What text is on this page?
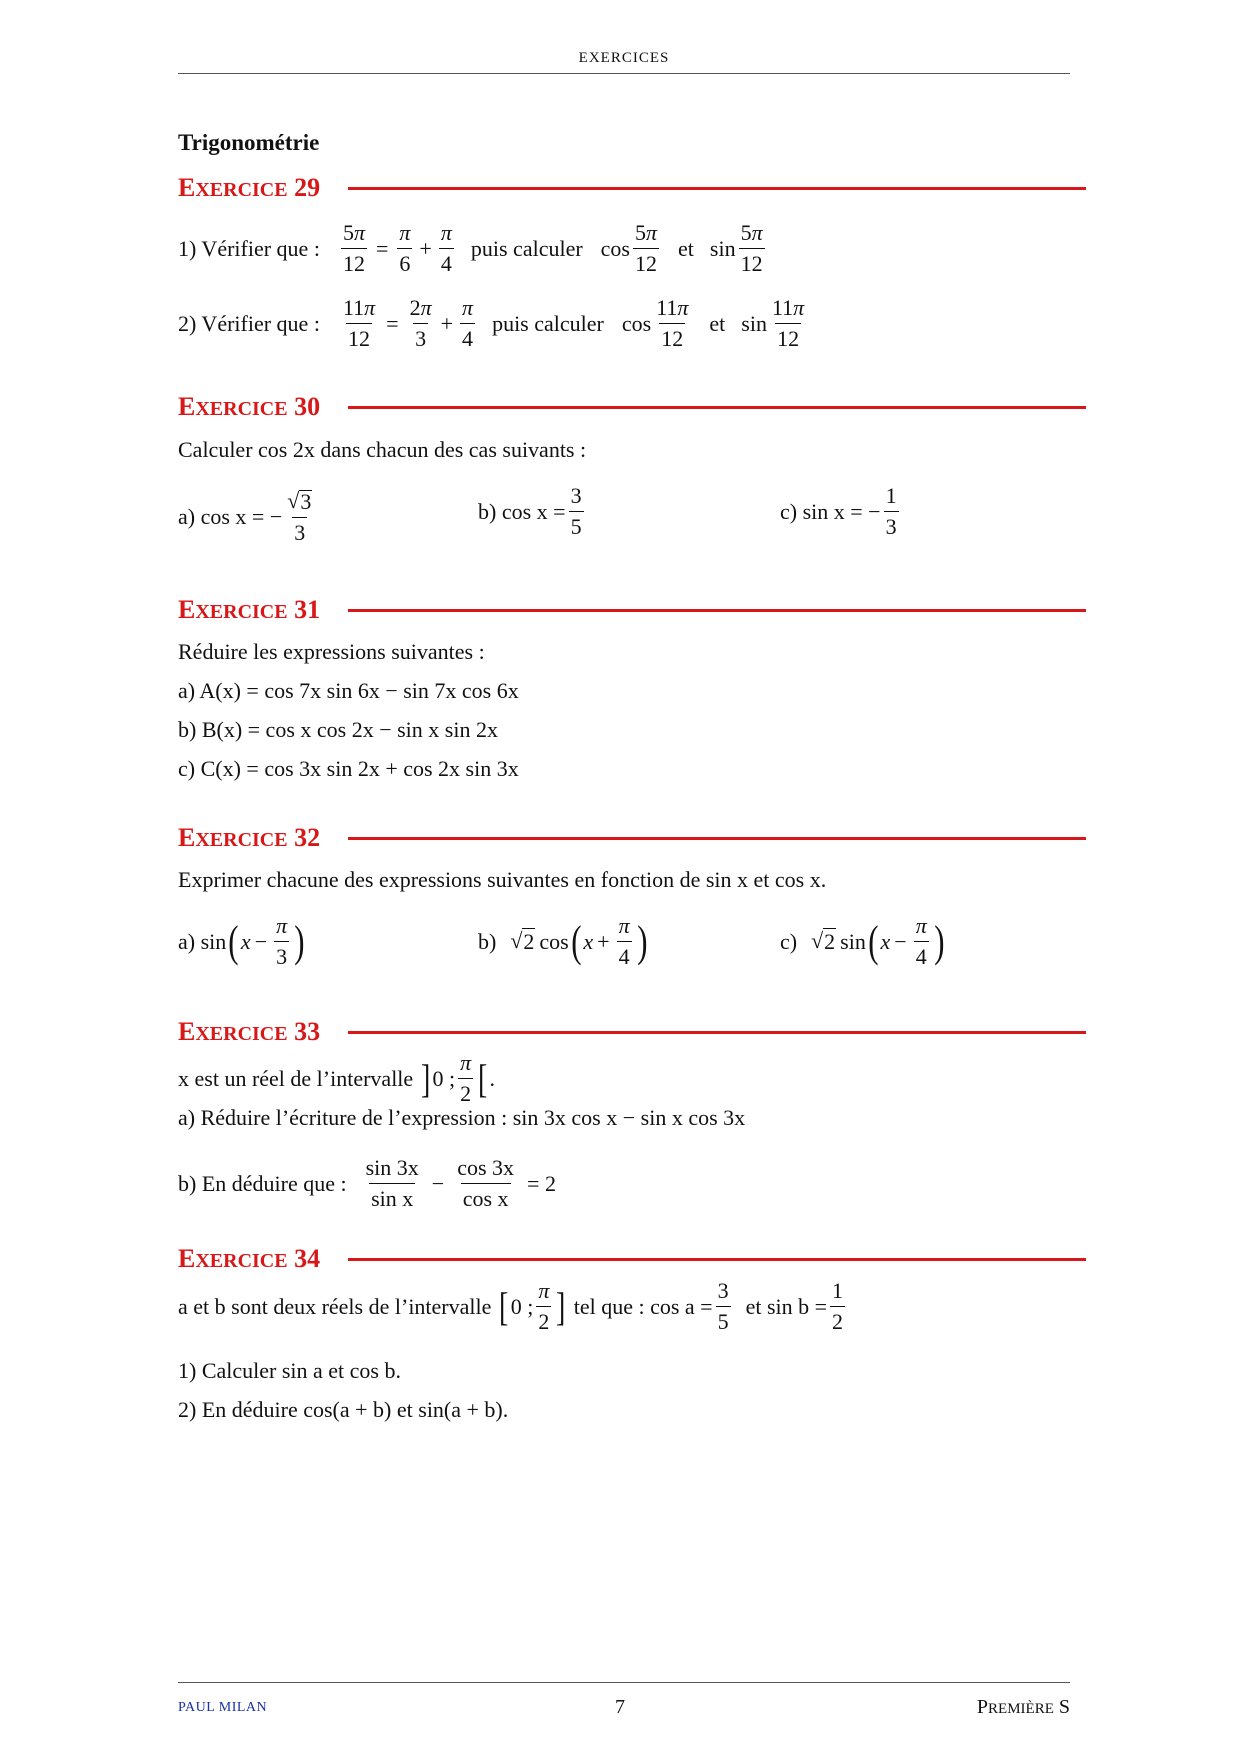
EXERCICES
Trigonométrie
EXERCICE 29
1) Vérifier que : $\frac{5\pi}{12} = \frac{\pi}{6} + \frac{\pi}{4}$ puis calculer $\cos \frac{5\pi}{12}$ et $\sin \frac{5\pi}{12}$
2) Vérifier que : $\frac{11\pi}{12} = \frac{2\pi}{3} + \frac{\pi}{4}$ puis calculer $\cos \frac{11\pi}{12}$ et $\sin \frac{11\pi}{12}$
EXERCICE 30
Calculer cos 2x dans chacun des cas suivants :
a) cos x = − $\frac{√ 3}{3}$	b) $\cos x = \frac{3}{5}$	c) sin x = − $\frac{1}{3}$
EXERCICE 31
Réduire les expressions suivantes :
a) A(x) = cos 7x sin 6x − sin 7x cos 6x
b) B(x) = cos x cos 2x − sin x sin 2x
c) C(x) = cos 3x sin 2x + cos 2x sin 3x
EXERCICE 32
Exprimer chacune des expressions suivantes en fonction de sin x et cos x.
a) sin ( $x - \frac{\pi}{3}$ )	b) √ 2 cos ( $x + \frac{\pi}{4}$ )	c) √ 2 sin ( $x - \frac{\pi}{4}$ )
EXERCICE 33
x est un réel de l’intervalle ] 0 ; $\frac{\pi}{2}$ [ .
a) Réduire l’écriture de l’expression : sin 3x cos x − sin x cos 3x
b) En déduire que : $\frac{\sin 3x}{\text{sin x}} - \frac{\cos 3x}{\text{cos x}} = 2$
EXERCICE 34
a et b sont deux réels de l’intervalle [ 0 ; $\frac{\pi}{2}$ ] tel que : $\cos a = \frac{3}{5}$ et $\sin b = \frac{1}{2}$
1) Calculer sin a et cos b.
2) En déduire cos(a + b) et sin(a + b).
PAUL MILAN	7	PREMIÈRE S
